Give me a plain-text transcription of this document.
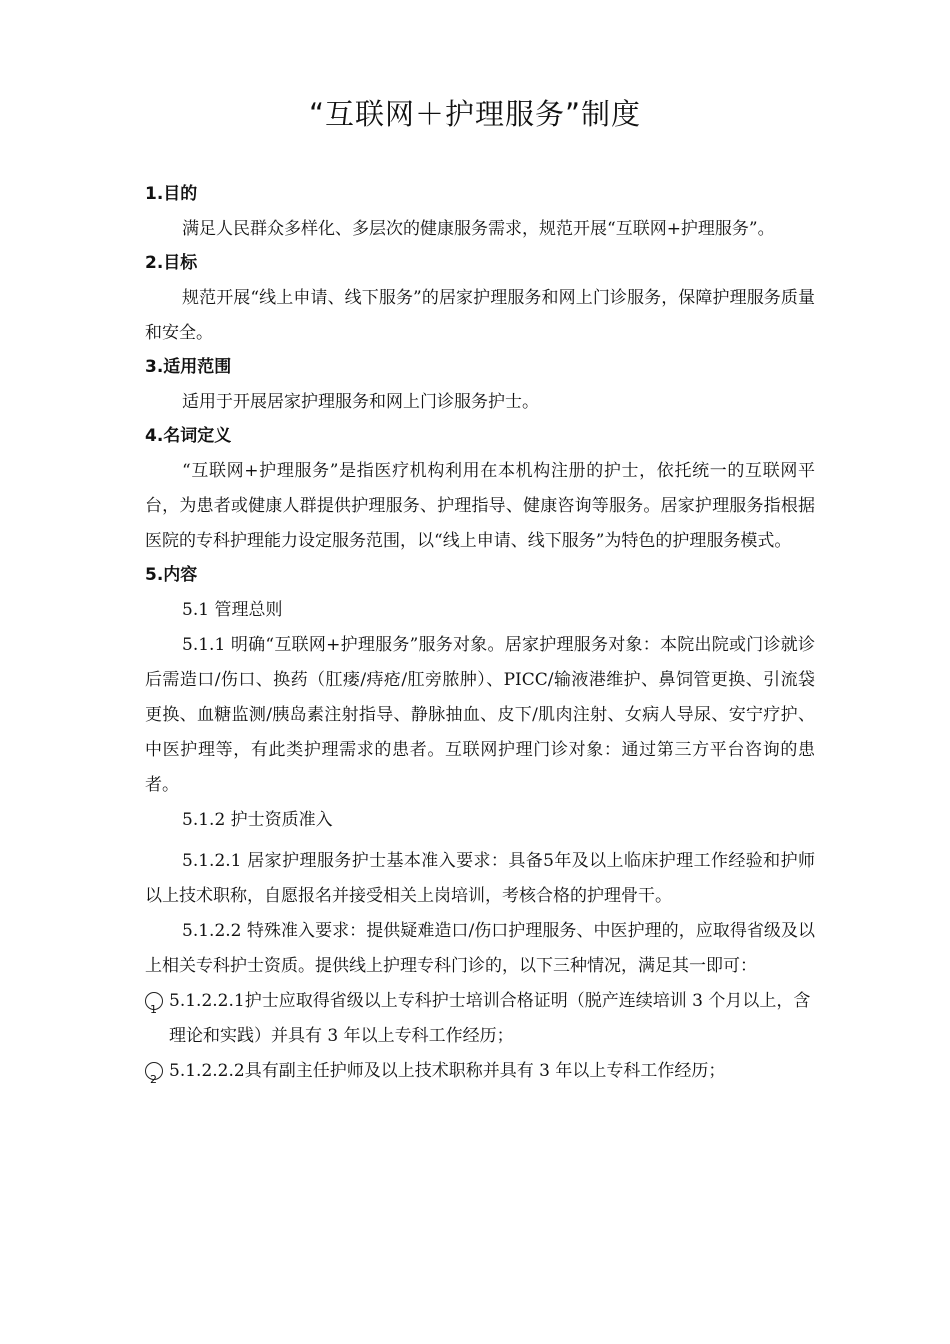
“互联网＋护理服务”制度
1.目的

满足人民群众多样化、多层次的健康服务需求，规范开展“互联网+护理服务”。

2.目标

规范开展“线上申请、线下服务”的居家护理服务和网上门诊服务，保障护理服务质量和安全。

3.适用范围

适用于开展居家护理服务和网上门诊服务护士。

4.名词定义

“互联网+护理服务”是指医疗机构利用在本机构注册的护士，依托统一的互联网平台，为患者或健康人群提供护理服务、护理指导、健康咨询等服务。居家护理服务指根据医院的专科护理能力设定服务范围，以“线上申请、线下服务”为特色的护理服务模式。

5.内容

5.1 管理总则

5.1.1 明确“互联网+护理服务”服务对象。居家护理服务对象：本院出院或门诊就诊后需造口/伤口、换药（肛瘘/痔疮/肛旁脓肿）、PICC/输液港维护、鼻饲管更换、引流袋更换、血糖监测/胰岛素注射指导、静脉抽血、皮下/肌肉注射、女病人导尿、安宁疗护、中医护理等，有此类护理需求的患者。互联网护理门诊对象：通过第三方平台咨询的患者。

5.1.2 护士资质准入

5.1.2.1 居家护理服务护士基本准入要求：具备5年及以上临床护理工作经验和护师以上技术职称，自愿报名并接受相关上岗培训，考核合格的护理骨干。

5.1.2.2 特殊准入要求：提供疑难造口/伤口护理服务、中医护理的，应取得省级及以上相关专科护士资质。提供线上护理专科门诊的，以下三种情况，满足其一即可：

1 5.1.2.2.1护士应取得省级以上专科护士培训合格证明（脱产连续培训 3 个月以上，含理论和实践）并具有 3 年以上专科工作经历；

2 5.1.2.2.2具有副主任护师及以上技术职称并具有 3 年以上专科工作经历；
